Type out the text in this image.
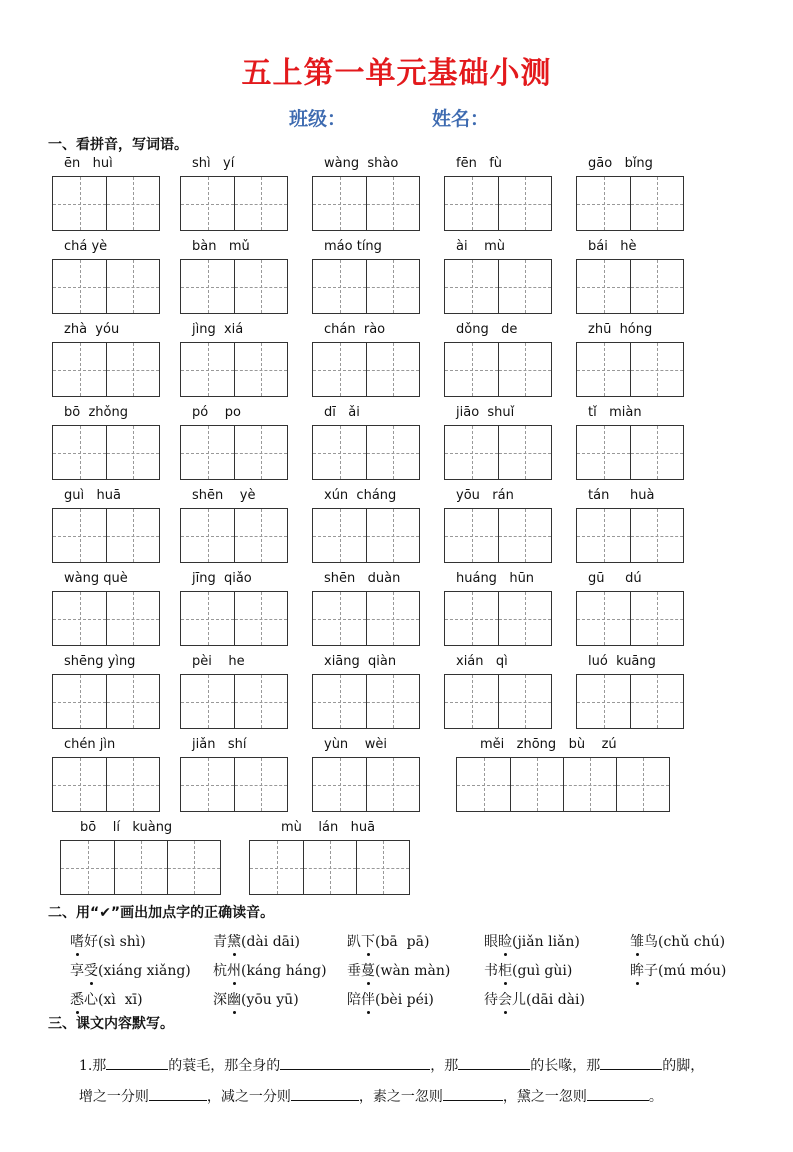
五上第一单元基础小测
班级：	姓名：
一、看拼音，写词语。
ēn   huì	shì   yí	wàng  shào	fēn   fù	gāo   bǐng
chá yè	bàn   mǔ	máo tíng	ài    mù	bái   hè
zhà  yóu	jìng  xiá	chán  rào	dǒng   de	zhū  hóng
bō  zhǒng	pó    po	dī   ǎi	jiāo  shuǐ	tǐ   miàn
guì   huā	shēn    yè	xún  cháng	yōu   rán	tán     huà
wàng què	jīng  qiǎo	shēn   duàn	huáng   hūn	gū     dú
shēng yìng	pèi    he	xiāng  qiàn	xián   qì	luó  kuāng
chén jìn	jiǎn   shí	yùn    wèi	měi   zhōng   bù    zú
bō    lí   kuàng	mù    lán   huā
二、用“✔”画出加点字的正确读音。
嗜好(sì shì)	青黛(dài dāi)	趴下(bā  pā)	眼睑(jiǎn liǎn)	雏鸟(chǔ chú)
享受(xiáng xiǎng) 杭州(káng háng) 垂蔓(wàn màn) 书柜(guì gùi)	眸子(mú móu)
悉心(xì  xī)	深幽(yōu yū)	陪伴(bèi péi)	待会儿(dāi dài)
三、课文内容默写。

1.那	的蓑毛，那全身的	，那	的长喙，那	的脚，

增之一分则	，减之一分则	，素之一忽则	，黛之一忽则	。
